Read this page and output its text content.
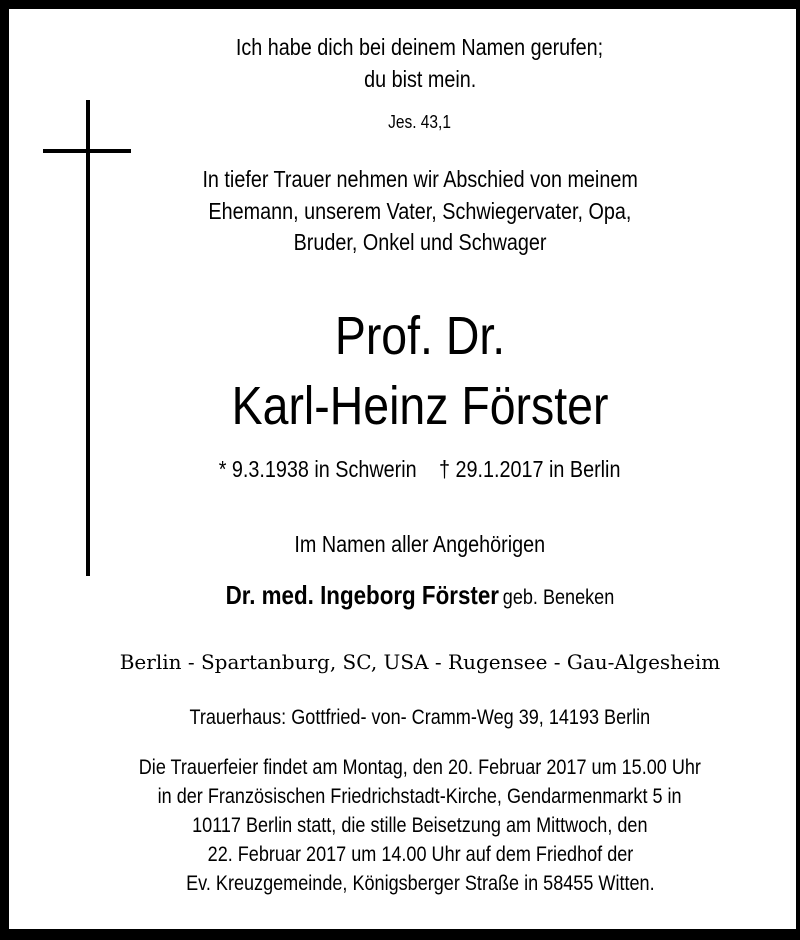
Ich habe dich bei deinem Namen gerufen;
du bist mein.
Jes. 43,1
In tiefer Trauer nehmen wir Abschied von meinem
Ehemann, unserem Vater, Schwiegervater, Opa,
Bruder, Onkel und Schwager
Prof. Dr.
Karl-Heinz Förster
* 9.3.1938 in Schwerin † 29.1.2017 in Berlin
Im Namen aller Angehörigen
Dr. med. Ingeborg Förster geb. Beneken
Berlin - Spartanburg, SC, USA - Rugensee - Gau-Algesheim
Trauerhaus: Gottfried- von- Cramm-Weg 39, 14193 Berlin
Die Trauerfeier findet am Montag, den 20. Februar 2017 um 15.00 Uhr
in der Französischen Friedrichstadt-Kirche, Gendarmenmarkt 5 in
10117 Berlin statt, die stille Beisetzung am Mittwoch, den
22. Februar 2017 um 14.00 Uhr auf dem Friedhof der
Ev. Kreuzgemeinde, Königsberger Straße in 58455 Witten.
